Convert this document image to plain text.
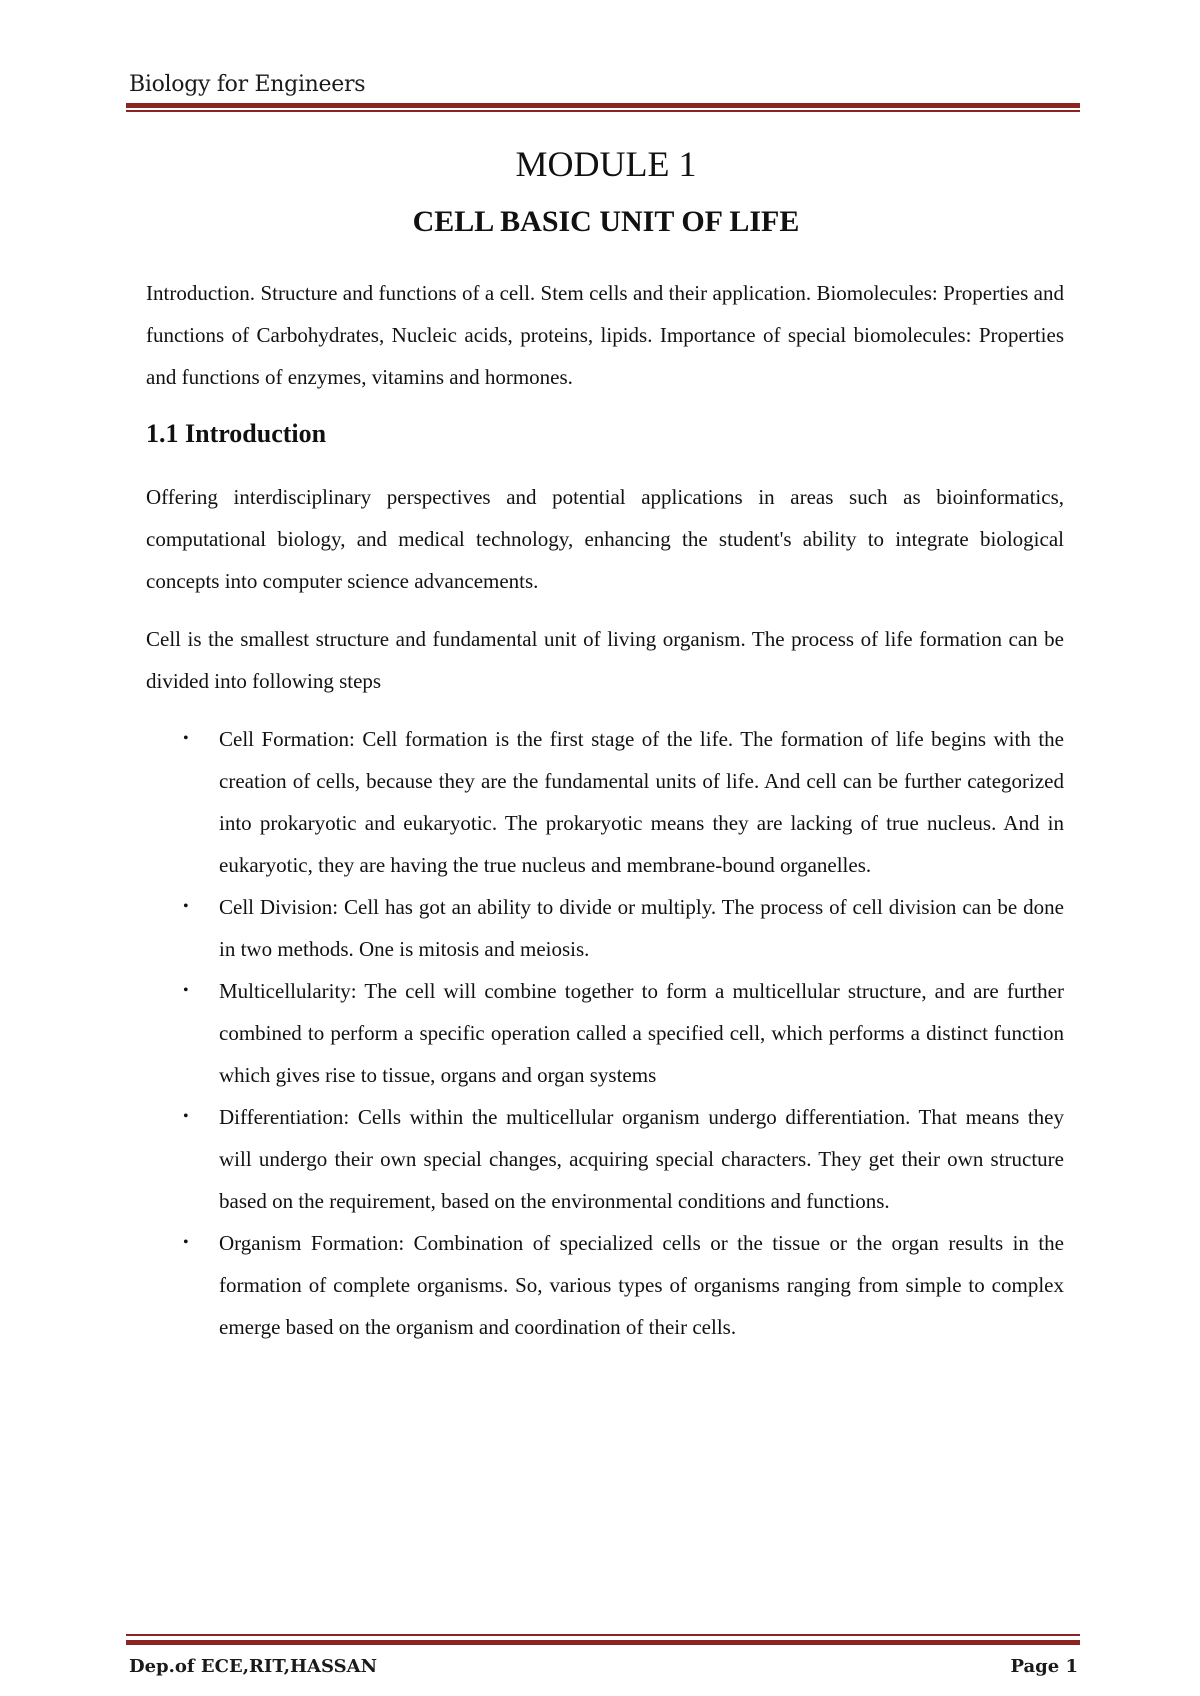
Biology for Engineers
MODULE 1
CELL BASIC UNIT OF LIFE

Introduction. Structure and functions of a cell. Stem cells and their application. Biomolecules: Properties and functions of Carbohydrates, Nucleic acids, proteins, lipids. Importance of special biomolecules: Properties and functions of enzymes, vitamins and hormones.

1.1 Introduction

Offering interdisciplinary perspectives and potential applications in areas such as bioinformatics, computational biology, and medical technology, enhancing the student's ability to integrate biological concepts into computer science advancements.

Cell is the smallest structure and fundamental unit of living organism. The process of life formation can be divided into following steps

• Cell Formation: Cell formation is the first stage of the life. The formation of life begins with the creation of cells, because they are the fundamental units of life. And cell can be further categorized into prokaryotic and eukaryotic. The prokaryotic means they are lacking of true nucleus. And in eukaryotic, they are having the true nucleus and membrane-bound organelles.
• Cell Division: Cell has got an ability to divide or multiply. The process of cell division can be done in two methods. One is mitosis and meiosis.
• Multicellularity: The cell will combine together to form a multicellular structure, and are further combined to perform a specific operation called a specified cell, which performs a distinct function which gives rise to tissue, organs and organ systems
• Differentiation: Cells within the multicellular organism undergo differentiation. That means they will undergo their own special changes, acquiring special characters. They get their own structure based on the requirement, based on the environmental conditions and functions.
• Organism Formation: Combination of specialized cells or the tissue or the organ results in the formation of complete organisms. So, various types of organisms ranging from simple to complex emerge based on the organism and coordination of their cells.
Dep.of ECE,RIT,HASSAN	Page 1
